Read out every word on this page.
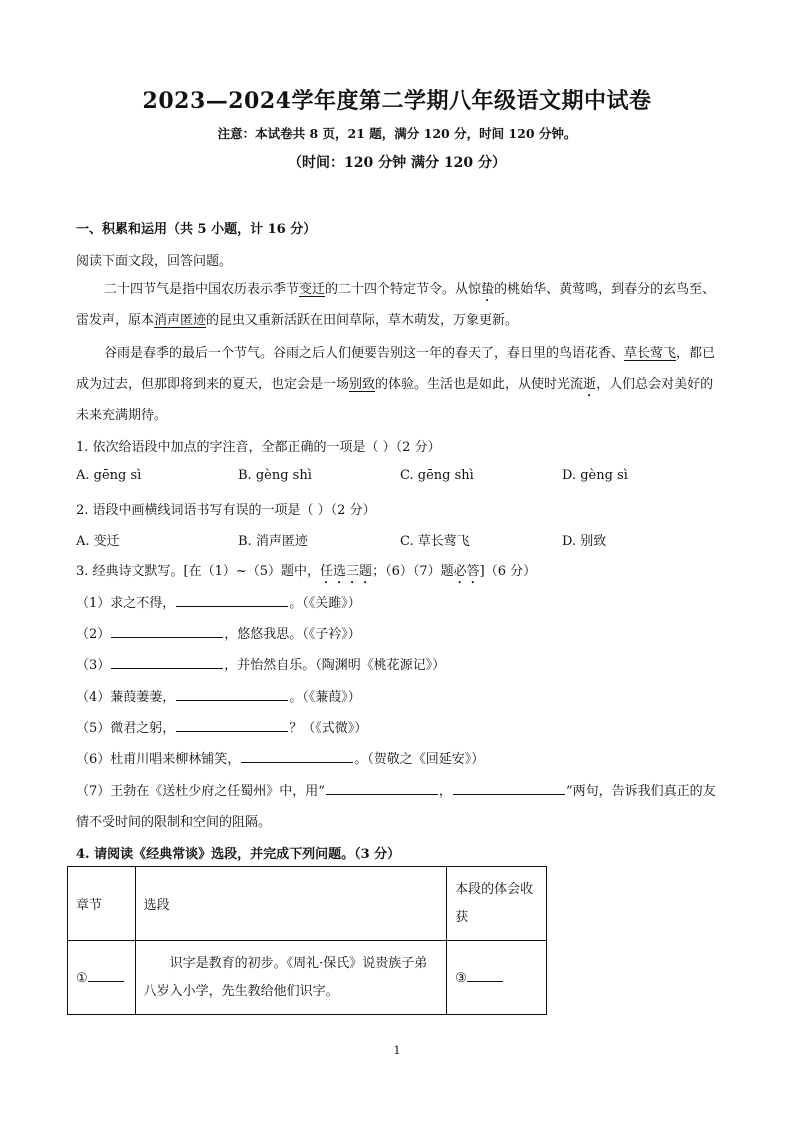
2023—2024学年度第二学期八年级语文期中试卷
注意：本试卷共 8 页，21 题，满分 120 分，时间 120 分钟。
（时间：120 分钟 满分 120 分）
一、积累和运用（共 5 小题，计 16 分）
阅读下面文段，回答问题。
二十四节气是指中国农历表示季节变迁的二十四个特定节令。从惊蛰的桃始华、黄莺鸣，到春分的玄鸟至、雷发声，原本消声匿迹的昆虫又重新活跃在田间草际，草木萌发，万象更新。
谷雨是春季的最后一个节气。谷雨之后人们便要告别这一年的春天了，春日里的鸟语花香、草长莺飞，都已成为过去，但那即将到来的夏天，也定会是一场别致的体验。生活也是如此，从使时光流逝，人们总会对美好的未来充满期待。
1. 依次给语段中加点的字注音，全都正确的一项是（ ）（2 分）
A. gēng sì	B. gèng shì	C. gēng shì	D. gèng sì
2. 语段中画横线词语书写有误的一项是（ ）（2 分）
A. 变迁	B. 消声匿迹	C. 草长莺飞	D. 别致
3. 经典诗文默写。[在（1）~（5）题中，任选三题；（6）（7）题必答]（6 分）
（1）求之不得，	。（《关雎》）
（2）	，悠悠我思。（《子衿》）
（3）	，并怡然自乐。（陶渊明《桃花源记》）
（4）蒹葭萋萋，	。（《蒹葭》）
（5）微君之躬，	？（《式微》）
（6）杜甫川唱来柳林铺笑，	。（贺敬之《回延安》）
（7）王勃在《送杜少府之任蜀州》中，用“	，	”两句，告诉我们真正的友
情不受时间的限制和空间的阻隔。
4. 请阅读《经典常谈》选段，并完成下列问题。（3 分）
章节	选段	本段的体会收获
①	识字是教育的初步。《周礼·保氏》说贵族子弟八岁入小学，先生教给他们识字。	③
1
